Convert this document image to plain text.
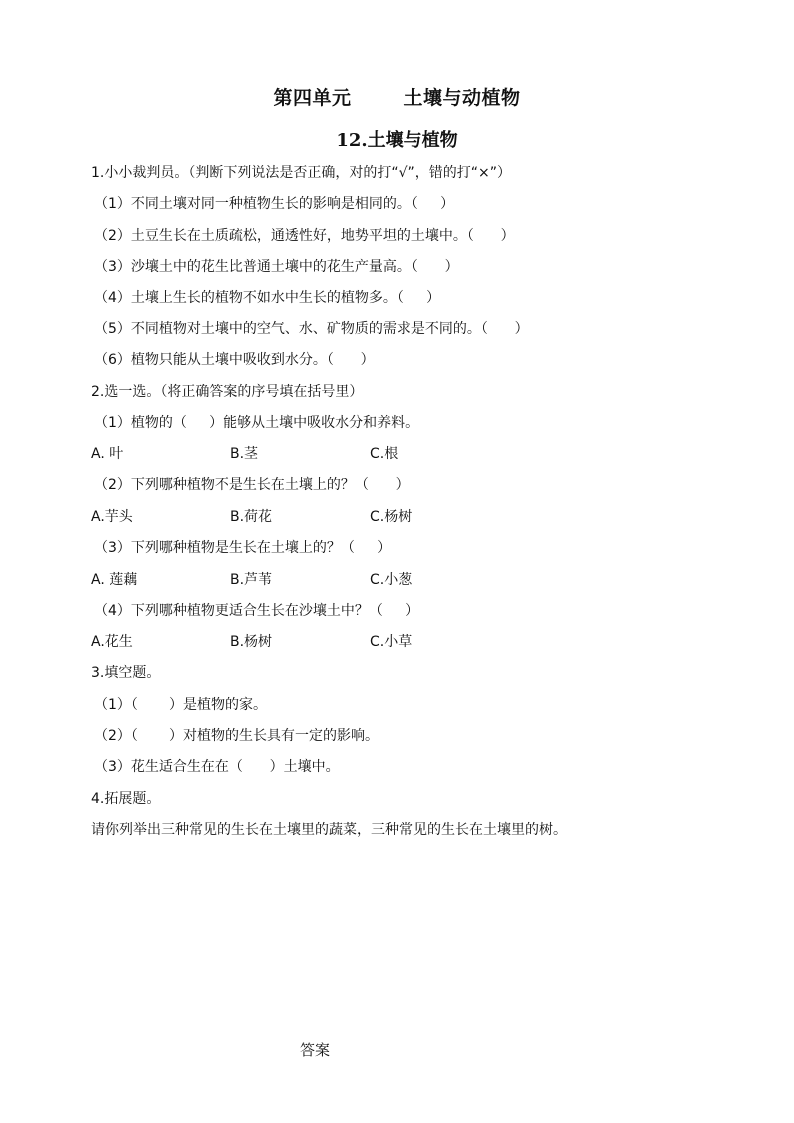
第四单元	土壤与动植物
12.土壤与植物
1.小小裁判员。（判断下列说法是否正确，对的打“√”，错的打“×”）
（1）不同土壤对同一种植物生长的影响是相同的。（     ）
（2）土豆生长在土质疏松，通透性好，地势平坦的土壤中。（      ）
（3）沙壤土中的花生比普通土壤中的花生产量高。（      ）
（4）土壤上生长的植物不如水中生长的植物多。（     ）
（5）不同植物对土壤中的空气、水、矿物质的需求是不同的。（      ）
（6）植物只能从土壤中吸收到水分。（      ）
2.选一选。（将正确答案的序号填在括号里）
（1）植物的（     ）能够从土壤中吸收水分和养料。
A. 叶	B.茎	C.根
（2）下列哪种植物不是生长在土壤上的？（      ）
A.芋头	B.荷花	C.杨树
（3）下列哪种植物是生长在土壤上的？（     ）
A. 莲藕	B.芦苇	C.小葱
（4）下列哪种植物更适合生长在沙壤土中？（     ）
A.花生	B.杨树	C.小草
3.填空题。
（1）（       ）是植物的家。
（2）（       ）对植物的生长具有一定的影响。
（3）花生适合生在在（      ）土壤中。
4.拓展题。
请你列举出三种常见的生长在土壤里的蔬菜，三种常见的生长在土壤里的树。
答案
